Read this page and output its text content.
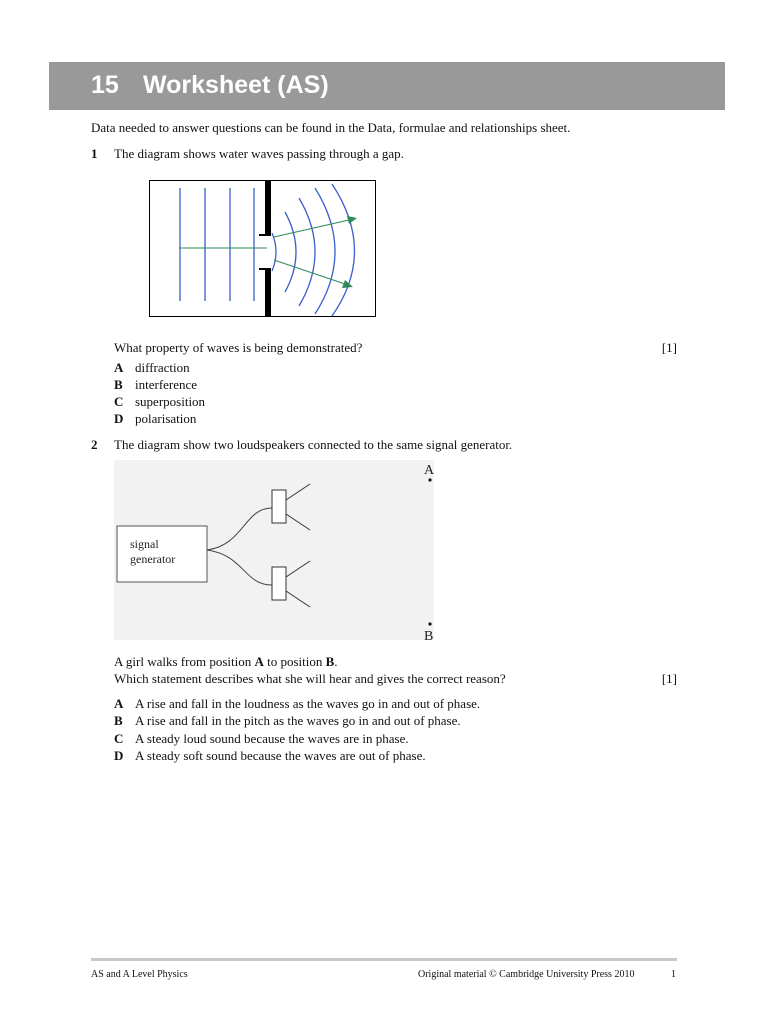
15 Worksheet (AS)
Data needed to answer questions can be found in the Data, formulae and relationships sheet.
1 The diagram shows water waves passing through a gap.
What property of waves is being demonstrated?	[1]
A diffraction
B interference
C superposition
D polarisation
2 The diagram show two loudspeakers connected to the same signal generator.
signal
generator
A
B
A girl walks from position A to position B.
Which statement describes what she will hear and gives the correct reason?	[1]
A A rise and fall in the loudness as the waves go in and out of phase.
B A rise and fall in the pitch as the waves go in and out of phase.
C A steady loud sound because the waves are in phase.
D A steady soft sound because the waves are out of phase.
AS and A Level Physics	Original material © Cambridge University Press 2010	1
